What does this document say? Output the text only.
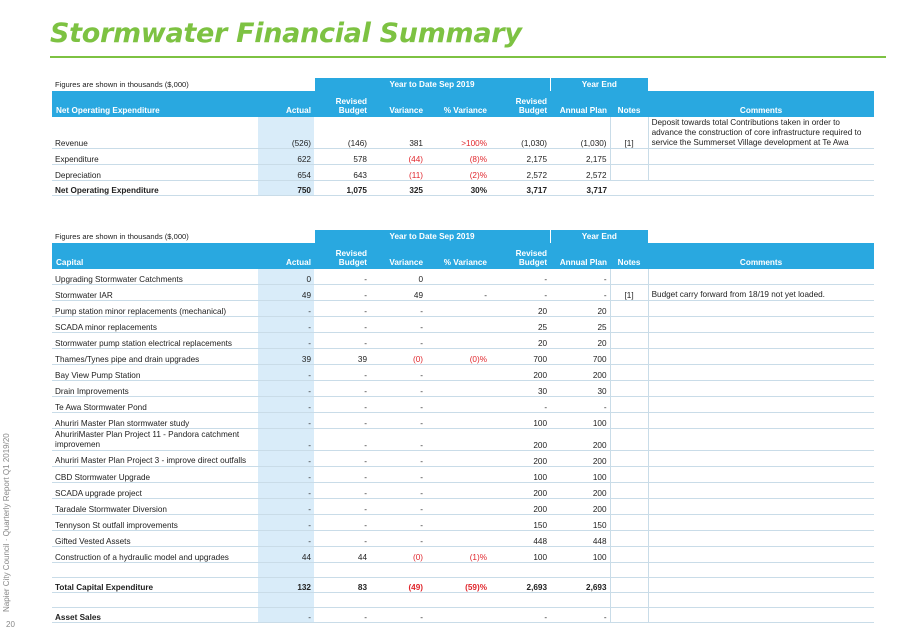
Stormwater Financial Summary
Napier City Council · Quarterly Report Q1 2019/20
20
Figures are shown in thousands ($,000)		Year to Date Sep 2019				Year End		
Net Operating Expenditure	Actual	Revised Budget	Variance	% Variance	Revised Budget	Annual Plan	Notes	Comments
Revenue	(526)	(146)	381	>100%	(1,030)	(1,030)	[1]	Deposit towards total Contributions taken in order to advance the construction of core infrastructure required to service the Summerset Village development at Te Awa
Expenditure	622	578	(44)	(8)%	2,175	2,175		
Depreciation	654	643	(11)	(2)%	2,572	2,572		
Net Operating Expenditure	750	1,075	325	30%	3,717	3,717		
Figures are shown in thousands ($,000)		Year to Date Sep 2019				Year End		
Capital	Actual	Revised Budget	Variance	% Variance	Revised Budget	Annual Plan	Notes	Comments
Upgrading Stormwater Catchments	0	-	0		-	-		
Stormwater IAR	49	-	49	-	-	-	[1]	Budget carry forward from 18/19 not yet loaded.
Pump station minor replacements (mechanical)	-	-	-		20	20		
SCADA minor replacements	-	-	-		25	25		
Stormwater pump station electrical replacements	-	-	-		20	20		
Thames/Tynes pipe and drain upgrades	39	39	(0)	(0)%	700	700		
Bay View Pump Station	-	-	-		200	200		
Drain Improvements	-	-	-		30	30		
Te Awa Stormwater Pond	-	-	-		-	-		
Ahuriri Master Plan stormwater study	-	-	-		100	100		
AhuririMaster Plan Project 11 - Pandora catchment improvemen	-	-	-		200	200		
Ahuriri Master Plan Project 3 - improve direct outfalls	-	-	-		200	200		
CBD Stormwater Upgrade	-	-	-		100	100		
SCADA upgrade project	-	-	-		200	200		
Taradale Stormwater Diversion	-	-	-		200	200		
Tennyson St outfall improvements	-	-	-		150	150		
Gifted Vested Assets	-	-	-		448	448		
Construction of a hydraulic model and upgrades	44	44	(0)	(1)%	100	100		

Total Capital Expenditure	132	83	(49)	(59)%	2,693	2,693		

Asset Sales	-	-	-		-	-		
